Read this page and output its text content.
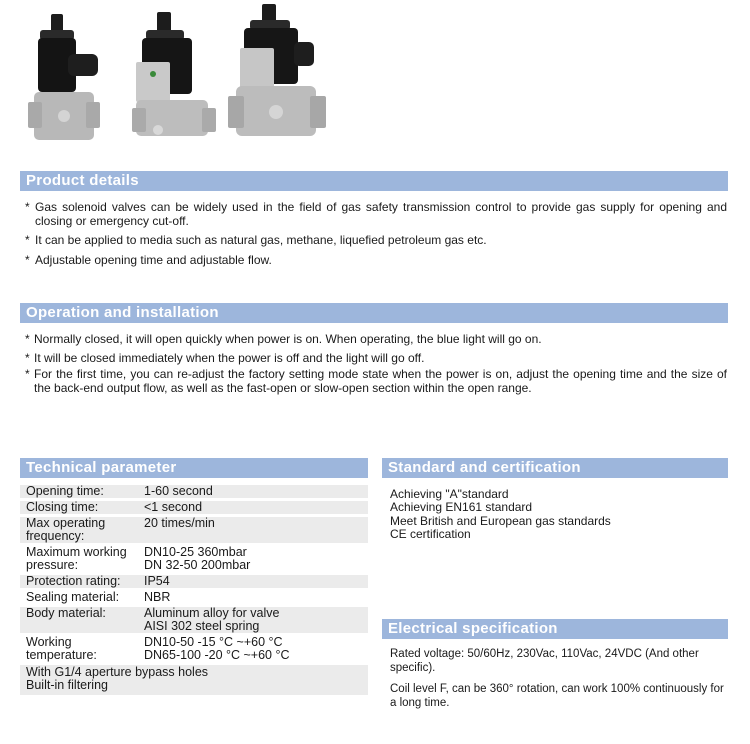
Product details
* Gas solenoid valves can be widely used in the field of gas safety transmission control to provide gas supply for opening and closing or emergency cut-off.
* It can be applied to media such as natural gas, methane, liquefied petroleum gas etc.
* Adjustable opening time and adjustable flow.
Operation and installation
* Normally closed, it will open quickly when power is on. When operating, the blue light will go on.
* It will be closed immediately when the power is off and the light will go off.
* For the first time, you can re-adjust the factory setting mode state when the power is on, adjust the opening time and the size of the back-end output flow, as well as the fast-open or slow-open section within the open range.
Technical parameter
Opening time:	1-60 second

Closing time:	<1 second

Max operating frequency:	20 times/min

Maximum working pressure:	DN10-25 360mbar
DN 32-50 200mbar

Protection rating:	IP54

Sealing material:	NBR

Body material:	Aluminum alloy for valve
AISI 302 steel spring

Working temperature:	DN10-50 -15 °C ~+60 °C
DN65-100 -20 °C ~+60 °C

With G1/4 aperture bypass holes
Built-in filtering	
Standard and certification
Achieving "A"standard
Achieving EN161 standard
Meet British and European gas standards
CE certification
Electrical specification
Rated voltage: 50/60Hz, 230Vac, 110Vac, 24VDC (And other specific).
Coil level F, can be 360° rotation, can work 100% continuously for a long time.
